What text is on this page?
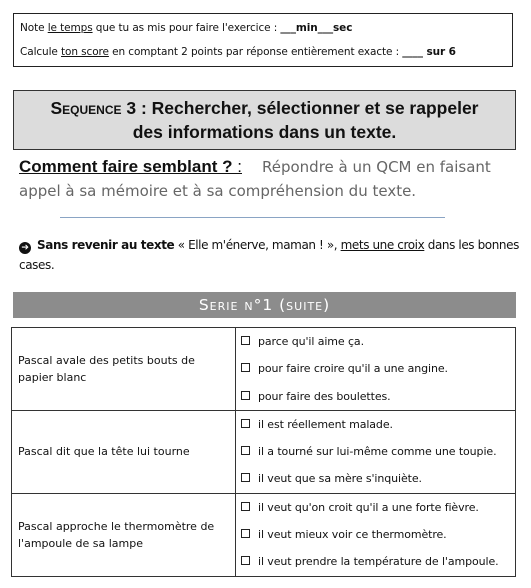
Note le temps que tu as mis pour faire l'exercice : ___min___sec
Calcule ton score en comptant 2 points par réponse entièrement exacte : ____ sur 6
Sequence 3 : Rechercher, sélectionner et se rappeler
des informations dans un texte.
Comment faire semblant ? : Répondre à un QCM en faisant
appel à sa mémoire et à sa compréhension du texte.
➔ Sans revenir au texte « Elle m'énerve, maman ! », mets une croix dans les bonnes
cases.
Serie n°1 (suite)
Pascal avale des petits bouts de papier blanc	parce qu'il aime ça.
pour faire croire qu'il a une angine.
pour faire des boulettes.

Pascal dit que la tête lui tourne	il est réellement malade.
il a tourné sur lui-même comme une toupie.
il veut que sa mère s'inquiète.

Pascal approche le thermomètre de l'ampoule de sa lampe	il veut qu'on croit qu'il a une forte fièvre.
il veut mieux voir ce thermomètre.
il veut prendre la température de l'ampoule.
